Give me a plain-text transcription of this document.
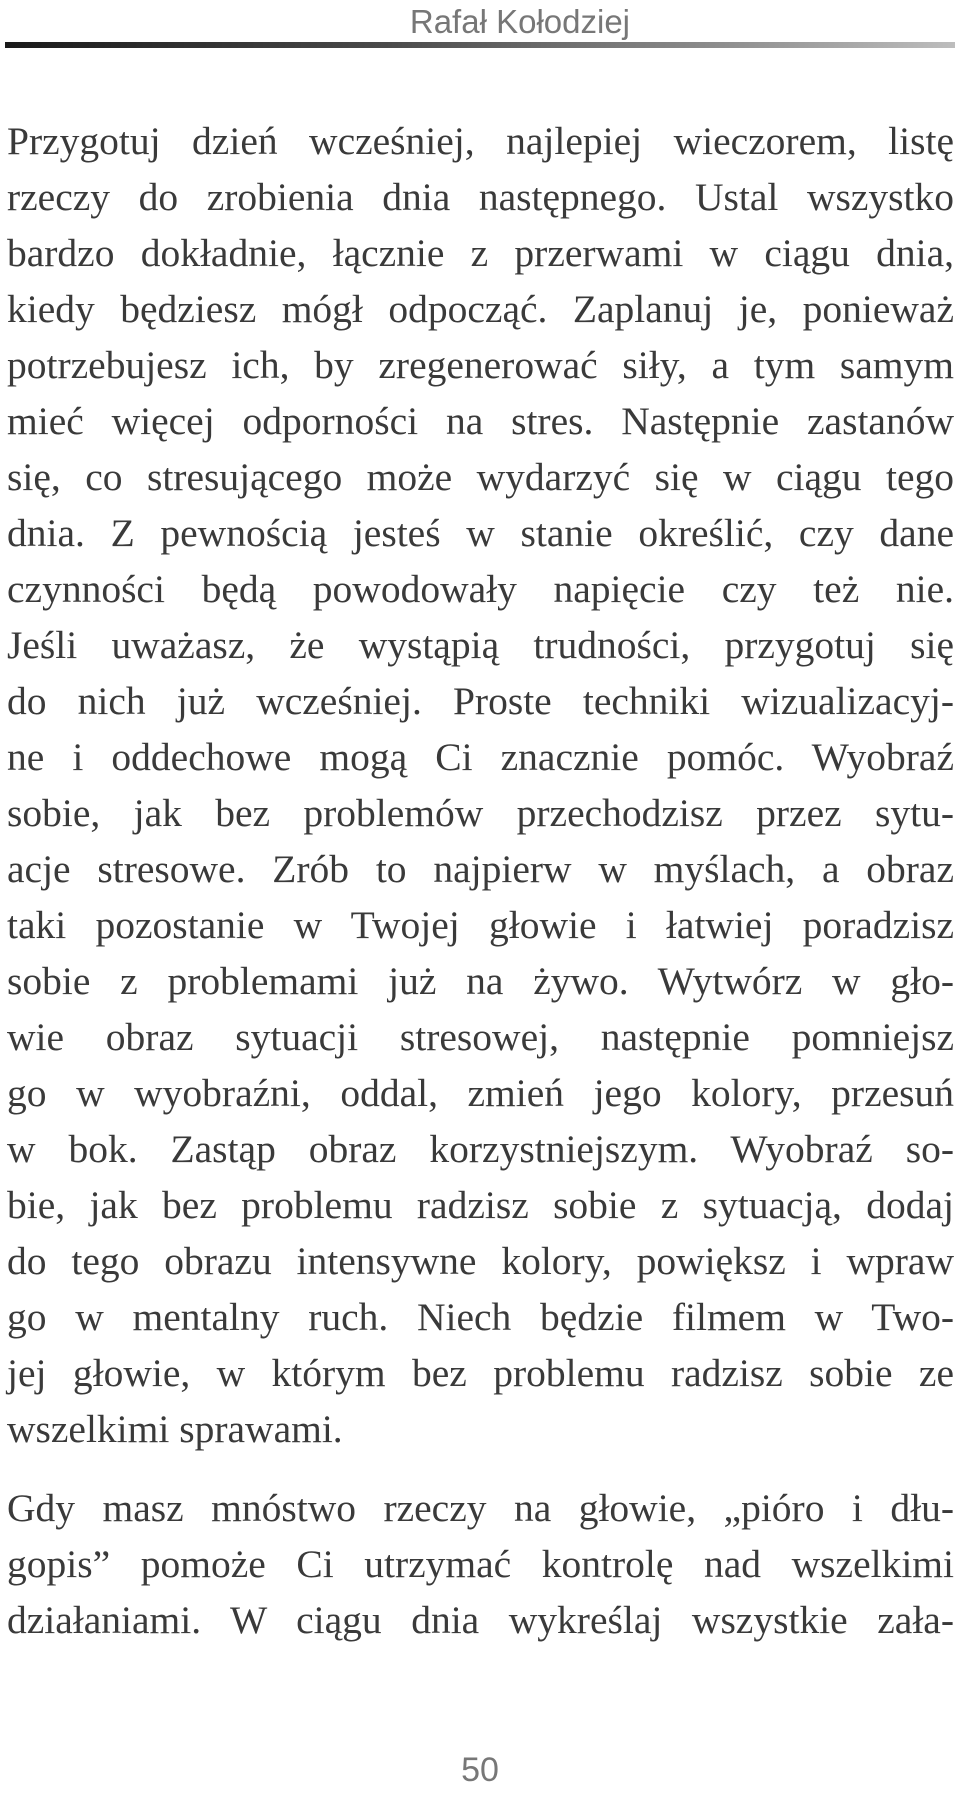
Rafał Kołodziej
Przygotuj dzień wcześniej, najlepiej wieczorem, listę
rzeczy do zrobienia dnia następnego. Ustal wszystko
bardzo dokładnie, łącznie z przerwami w ciągu dnia,
kiedy będziesz mógł odpocząć. Zaplanuj je, ponieważ
potrzebujesz ich, by zregenerować siły, a tym samym
mieć więcej odporności na stres. Następnie zastanów
się, co stresującego może wydarzyć się w ciągu tego
dnia. Z pewnością jesteś w stanie określić, czy dane
czynności będą powodowały napięcie czy też nie.
Jeśli uważasz, że wystąpią trudności, przygotuj się
do nich już wcześniej. Proste techniki wizualizacyj-
ne i oddechowe mogą Ci znacznie pomóc. Wyobraź
sobie, jak bez problemów przechodzisz przez sytu-
acje stresowe. Zrób to najpierw w myślach, a obraz
taki pozostanie w Twojej głowie i łatwiej poradzisz
sobie z problemami już na żywo. Wytwórz w gło-
wie obraz sytuacji stresowej, następnie pomniejsz
go w wyobraźni, oddal, zmień jego kolory, przesuń
w bok. Zastąp obraz korzystniejszym. Wyobraź so-
bie, jak bez problemu radzisz sobie z sytuacją, dodaj
do tego obrazu intensywne kolory, powiększ i wpraw
go w mentalny ruch. Niech będzie filmem w Two-
jej głowie, w którym bez problemu radzisz sobie ze
wszelkimi sprawami.
Gdy masz mnóstwo rzeczy na głowie, „pióro i dłu-
gopis” pomoże Ci utrzymać kontrolę nad wszelkimi
działaniami. W ciągu dnia wykreślaj wszystkie zała-
50
